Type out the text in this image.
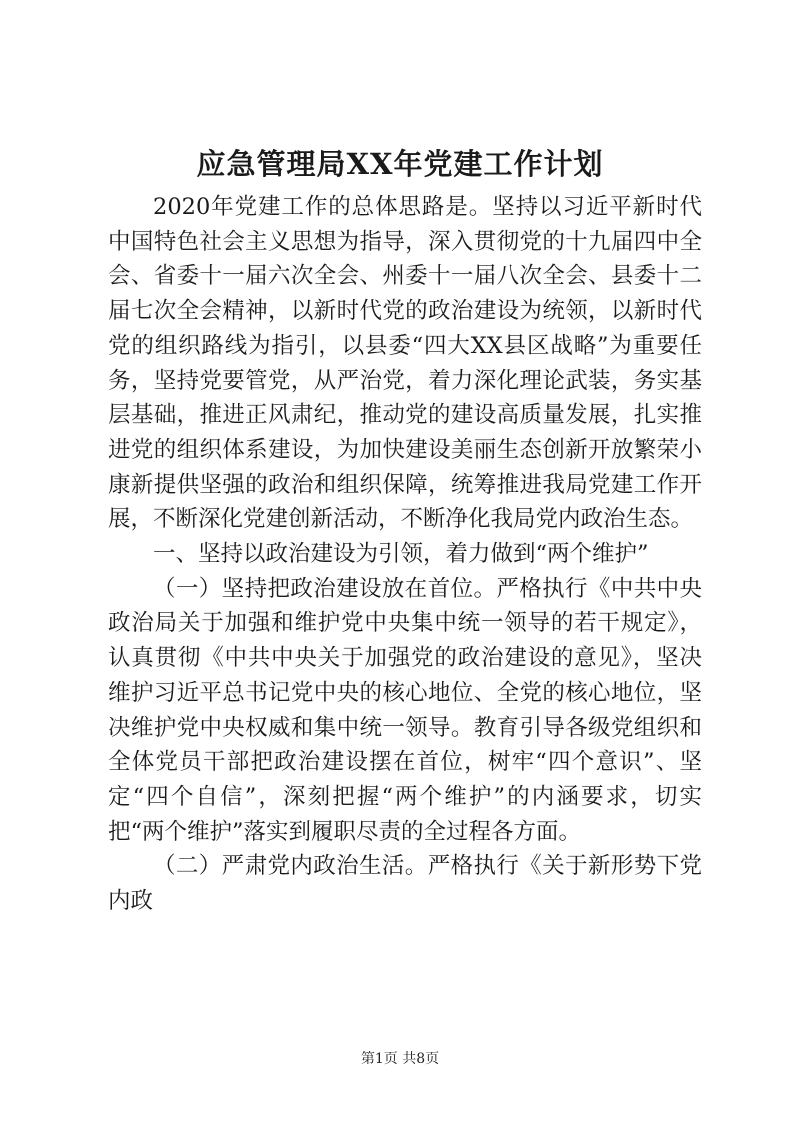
应急管理局XX年党建工作计划

2020年党建工作的总体思路是。坚持以习近平新时代中国特色社会主义思想为指导，深入贯彻党的十九届四中全会、省委十一届六次全会、州委十一届八次全会、县委十二届七次全会精神，以新时代党的政治建设为统领，以新时代党的组织路线为指引，以县委“四大XX县区战略”为重要任务，坚持党要管党，从严治党，着力深化理论武装，务实基层基础，推进正风肃纪，推动党的建设高质量发展，扎实推进党的组织体系建设，为加快建设美丽生态创新开放繁荣小康新提供坚强的政治和组织保障，统筹推进我局党建工作开展，不断深化党建创新活动，不断净化我局党内政治生态。

一、坚持以政治建设为引领，着力做到“两个维护”

（一）坚持把政治建设放在首位。严格执行《中共中央政治局关于加强和维护党中央集中统一领导的若干规定》，认真贯彻《中共中央关于加强党的政治建设的意见》，坚决维护习近平总书记党中央的核心地位、全党的核心地位，坚决维护党中央权威和集中统一领导。教育引导各级党组织和全体党员干部把政治建设摆在首位，树牢“四个意识”、坚定“四个自信”，深刻把握“两个维护”的内涵要求，切实把“两个维护”落实到履职尽责的全过程各方面。

（二）严肃党内政治生活。严格执行《关于新形势下党内政

第1页 共8页
